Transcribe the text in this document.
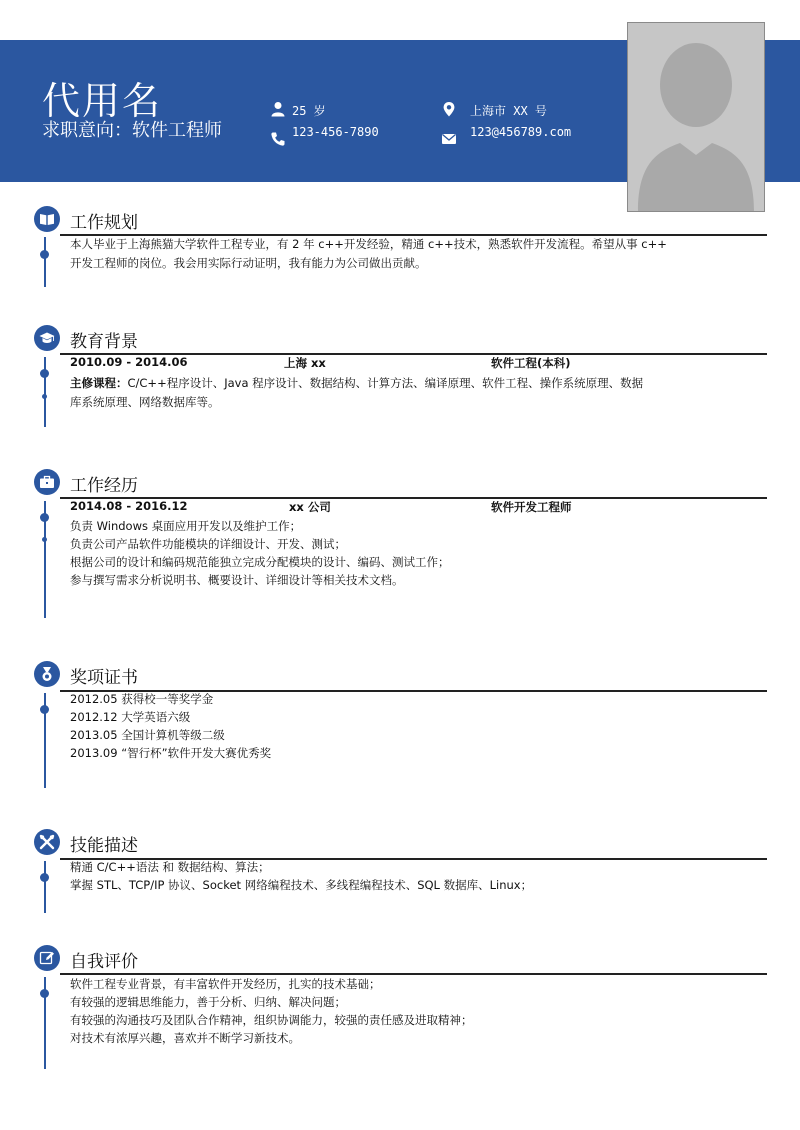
代用名
求职意向：软件工程师
25 岁
123-456-7890
上海市 XX 号
123@456789.com
工作规划
本人毕业于上海熊猫大学软件工程专业，有 2 年 c++开发经验，精通 c++技术，熟悉软件开发流程。希望从事 c++
开发工程师的岗位。我会用实际行动证明，我有能力为公司做出贡献。
教育背景
2010.09 - 2014.06	上海 xx	软件工程(本科)
主修课程：C/C++程序设计、Java 程序设计、数据结构、计算方法、编译原理、软件工程、操作系统原理、数据
库系统原理、网络数据库等。
工作经历
2014.08 - 2016.12	xx 公司	软件开发工程师
负责 Windows 桌面应用开发以及维护工作；
负责公司产品软件功能模块的详细设计、开发、测试；
根据公司的设计和编码规范能独立完成分配模块的设计、编码、测试工作；
参与撰写需求分析说明书、概要设计、详细设计等相关技术文档。
奖项证书
2012.05 获得校一等奖学金
2012.12 大学英语六级
2013.05 全国计算机等级二级
2013.09 “智行杯”软件开发大赛优秀奖
技能描述
精通 C/C++语法 和 数据结构、算法；
掌握 STL、TCP/IP 协议、Socket 网络编程技术、多线程编程技术、SQL 数据库、Linux；
自我评价
软件工程专业背景，有丰富软件开发经历，扎实的技术基础；
有较强的逻辑思维能力，善于分析、归纳、解决问题；
有较强的沟通技巧及团队合作精神，组织协调能力，较强的责任感及进取精神；
对技术有浓厚兴趣，喜欢并不断学习新技术。
